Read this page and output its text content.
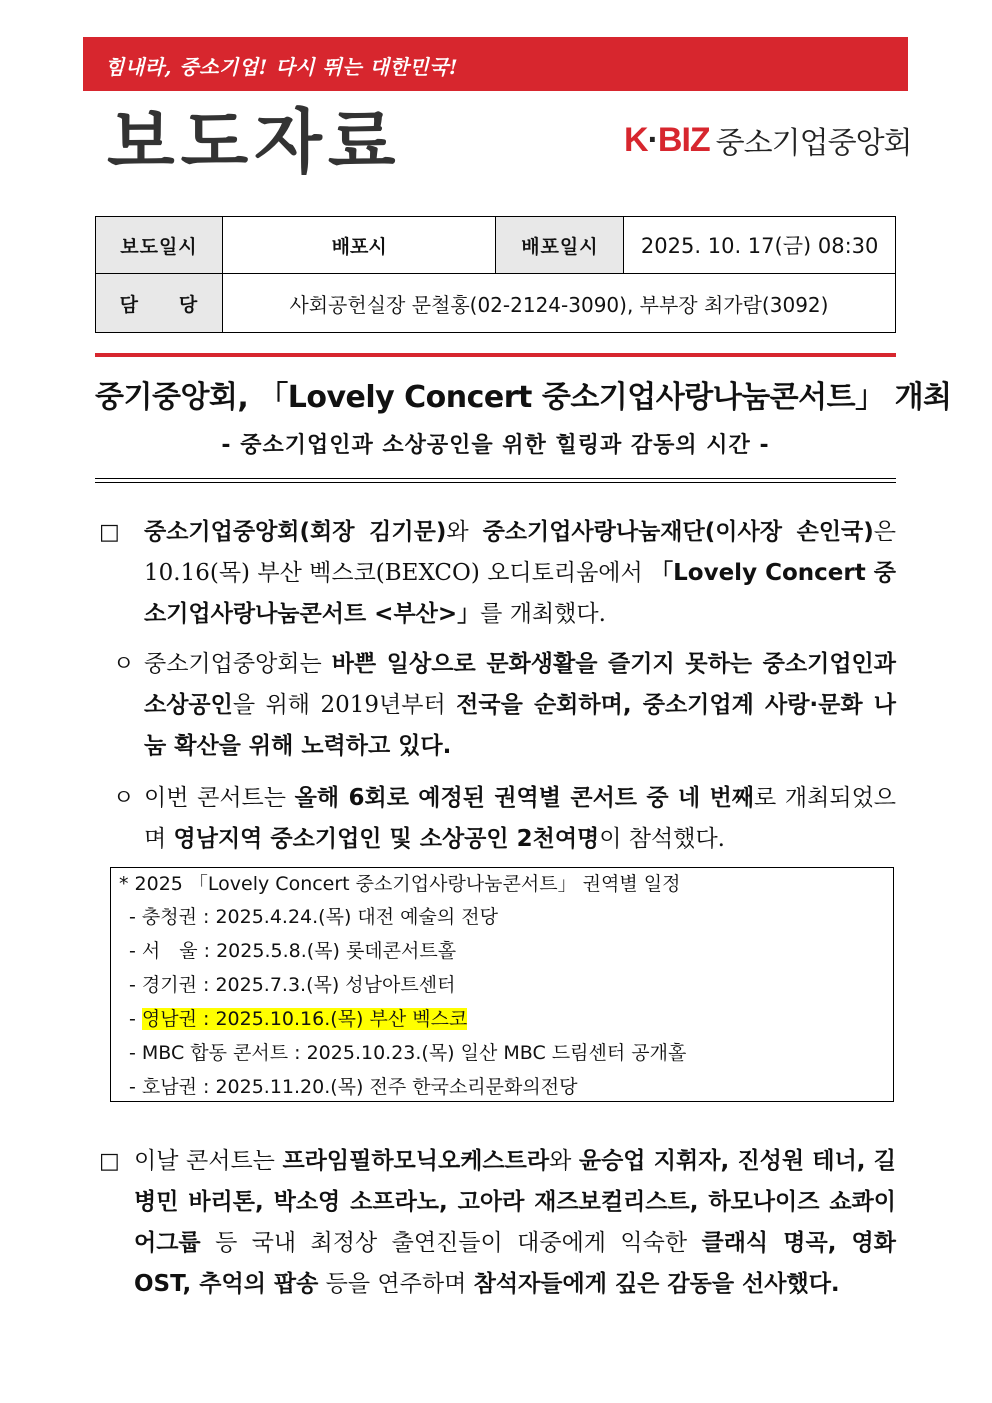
힘내라, 중소기업! 다시 뛰는 대한민국!
보도자료	K·BIZ 중소기업중앙회
보도일시	배포시	배포일시	2025. 10. 17(금) 08:30
담　　당	사회공헌실장 문철홍(02-2124-3090), 부부장 최가람(3092)		
중기중앙회, 「Lovely Concert 중소기업사랑나눔콘서트」 개최
- 중소기업인과 소상공인을 위한 힐링과 감동의 시간 -
□ 중소기업중앙회(회장 김기문)와 중소기업사랑나눔재단(이사장 손인국)은 10.16(목) 부산 벡스코(BEXCO) 오디토리움에서 「Lovely Concert 중소기업사랑나눔콘서트 <부산>」를 개최했다.
ㅇ 중소기업중앙회는 바쁜 일상으로 문화생활을 즐기지 못하는 중소기업인과 소상공인을 위해 2019년부터 전국을 순회하며, 중소기업계 사랑·문화 나눔 확산을 위해 노력하고 있다.
ㅇ 이번 콘서트는 올해 6회로 예정된 권역별 콘서트 중 네 번째로 개최되었으며 영남지역 중소기업인 및 소상공인 2천여명이 참석했다.
* 2025 「Lovely Concert 중소기업사랑나눔콘서트」 권역별 일정
- 충청권 : 2025.4.24.(목) 대전 예술의 전당
- 서　울 : 2025.5.8.(목) 롯데콘서트홀
- 경기권 : 2025.7.3.(목) 성남아트센터
- 영남권 : 2025.10.16.(목) 부산 벡스코
- MBC 합동 콘서트 : 2025.10.23.(목) 일산 MBC 드림센터 공개홀
- 호남권 : 2025.11.20.(목) 전주 한국소리문화의전당
□ 이날 콘서트는 프라임필하모닉오케스트라와 윤승업 지휘자, 진성원 테너, 길병민 바리톤, 박소영 소프라노, 고아라 재즈보컬리스트, 하모나이즈 쇼콰이어그룹 등 국내 최정상 출연진들이 대중에게 익숙한 클래식 명곡, 영화 OST, 추억의 팝송 등을 연주하며 참석자들에게 깊은 감동을 선사했다.
